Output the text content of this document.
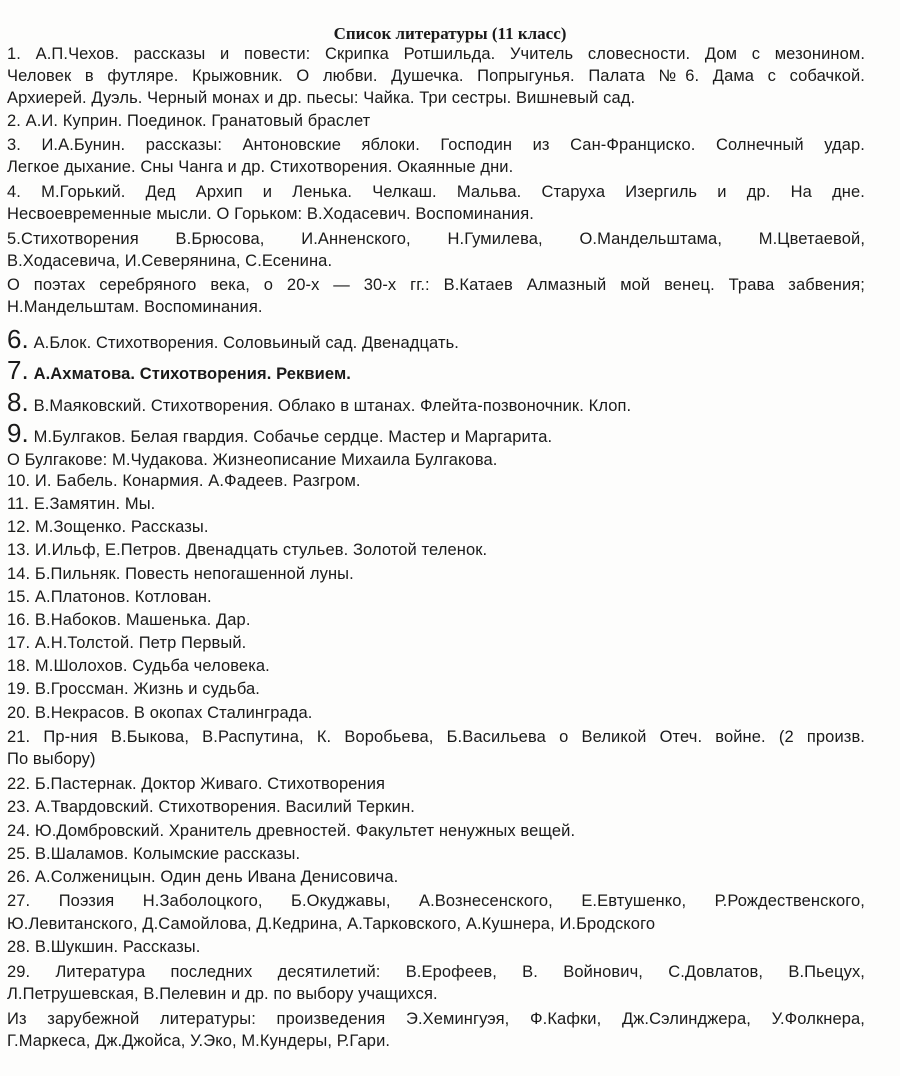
Список литературы (11 класс)
1. А.П.Чехов. рассказы и повести: Скрипка Ротшильда. Учитель словесности. Дом с мезонином.
Человек в футляре. Крыжовник. О любви. Душечка. Попрыгунья. Палата №6. Дама с собачкой.
Архиерей. Дуэль. Черный монах и др. пьесы: Чайка. Три сестры. Вишневый сад.
2. А.И. Куприн. Поединок. Гранатовый браслет
3. И.А.Бунин. рассказы: Антоновские яблоки. Господин из Сан-Франциско. Солнечный удар.
Легкое дыхание. Сны Чанга и др. Стихотворения. Окаянные дни.
4. М.Горький. Дед Архип и Ленька. Челкаш. Мальва. Старуха Изергиль и др. На дне.
Несвоевременные мысли. О Горьком: В.Ходасевич. Воспоминания.
5.Стихотворения В.Брюсова, И.Анненского, Н.Гумилева, О.Мандельштама, М.Цветаевой,
В.Ходасевича, И.Северянина, С.Есенина.
О поэтах серебряного века, о 20-х — 30-х гг.: В.Катаев Алмазный мой венец. Трава забвения;
Н.Мандельштам. Воспоминания.
6. А.Блок. Стихотворения. Соловьиный сад. Двенадцать.
7. А.Ахматова. Стихотворения. Реквием.
8. В.Маяковский. Стихотворения. Облако в штанах. Флейта-позвоночник. Клоп.
9. М.Булгаков. Белая гвардия. Собачье сердце. Мастер и Маргарита.
О Булгакове: М.Чудакова. Жизнеописание Михаила Булгакова.
10. И. Бабель. Конармия. А.Фадеев. Разгром.
11. Е.Замятин. Мы.
12. М.Зощенко. Рассказы.
13. И.Ильф, Е.Петров. Двенадцать стульев. Золотой теленок.
14. Б.Пильняк. Повесть непогашенной луны.
15. А.Платонов. Котлован.
16. В.Набоков. Машенька. Дар.
17. А.Н.Толстой. Петр Первый.
18. М.Шолохов. Судьба человека.
19. В.Гроссман. Жизнь и судьба.
20. В.Некрасов. В окопах Сталинграда.
21. Пр-ния В.Быкова, В.Распутина, К. Воробьева, Б.Васильева о Великой Отеч. войне. (2 произв.
По выбору)
22. Б.Пастернак. Доктор Живаго. Стихотворения
23. А.Твардовский. Стихотворения. Василий Теркин.
24. Ю.Домбровский. Хранитель древностей. Факультет ненужных вещей.
25. В.Шаламов. Колымские рассказы.
26. А.Солженицын. Один день Ивана Денисовича.
27. Поэзия Н.Заболоцкого, Б.Окуджавы, А.Вознесенского, Е.Евтушенко, Р.Рождественского,
Ю.Левитанского, Д.Самойлова, Д.Кедрина, А.Тарковского, А.Кушнера, И.Бродского
28. В.Шукшин. Рассказы.
29. Литература последних десятилетий: В.Ерофеев, В. Войнович, С.Довлатов, В.Пьецух,
Л.Петрушевская, В.Пелевин и др. по выбору учащихся.
Из зарубежной литературы: произведения Э.Хемингуэя, Ф.Кафки, Дж.Сэлинджера, У.Фолкнера,
Г.Маркеса, Дж.Джойса, У.Эко, М.Кундеры, Р.Гари.
